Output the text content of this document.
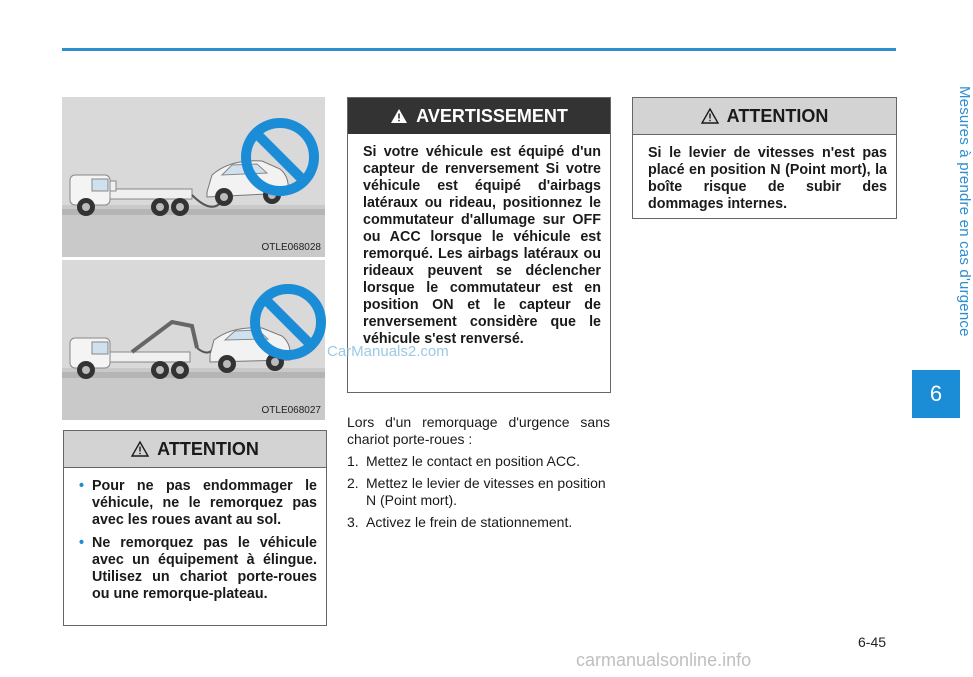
Mesures à prendre en cas d'urgence
6
OTLE068028
OTLE068027
ATTENTION
• Pour ne pas endommager le véhicule, ne le remorquez pas avec les roues avant au sol.
• Ne remorquez pas le véhicule avec un équipement à élingue. Utilisez un chariot porte-roues ou une remorque-plateau.
AVERTISSEMENT
Si votre véhicule est équipé d'un capteur de renversement Si votre véhicule est équipé d'airbags latéraux ou rideau, positionnez le commutateur d'allumage sur OFF ou ACC lorsque le véhicule est remorqué. Les airbags latéraux ou rideaux peuvent se déclencher lorsque le commutateur est en position ON et le capteur de renversement considère que le véhicule s'est renversé.
ATTENTION
Si le levier de vitesses n'est pas placé en position N (Point mort), la boîte risque de subir des dommages internes.

Lors d'un remorquage d'urgence sans chariot porte-roues :

1. Mettez le contact en position ACC.
2. Mettez le levier de vitesses en position N (Point mort).
3. Activez le frein de stationnement.
CarManuals2.com
6-45
carmanualsonline.info
